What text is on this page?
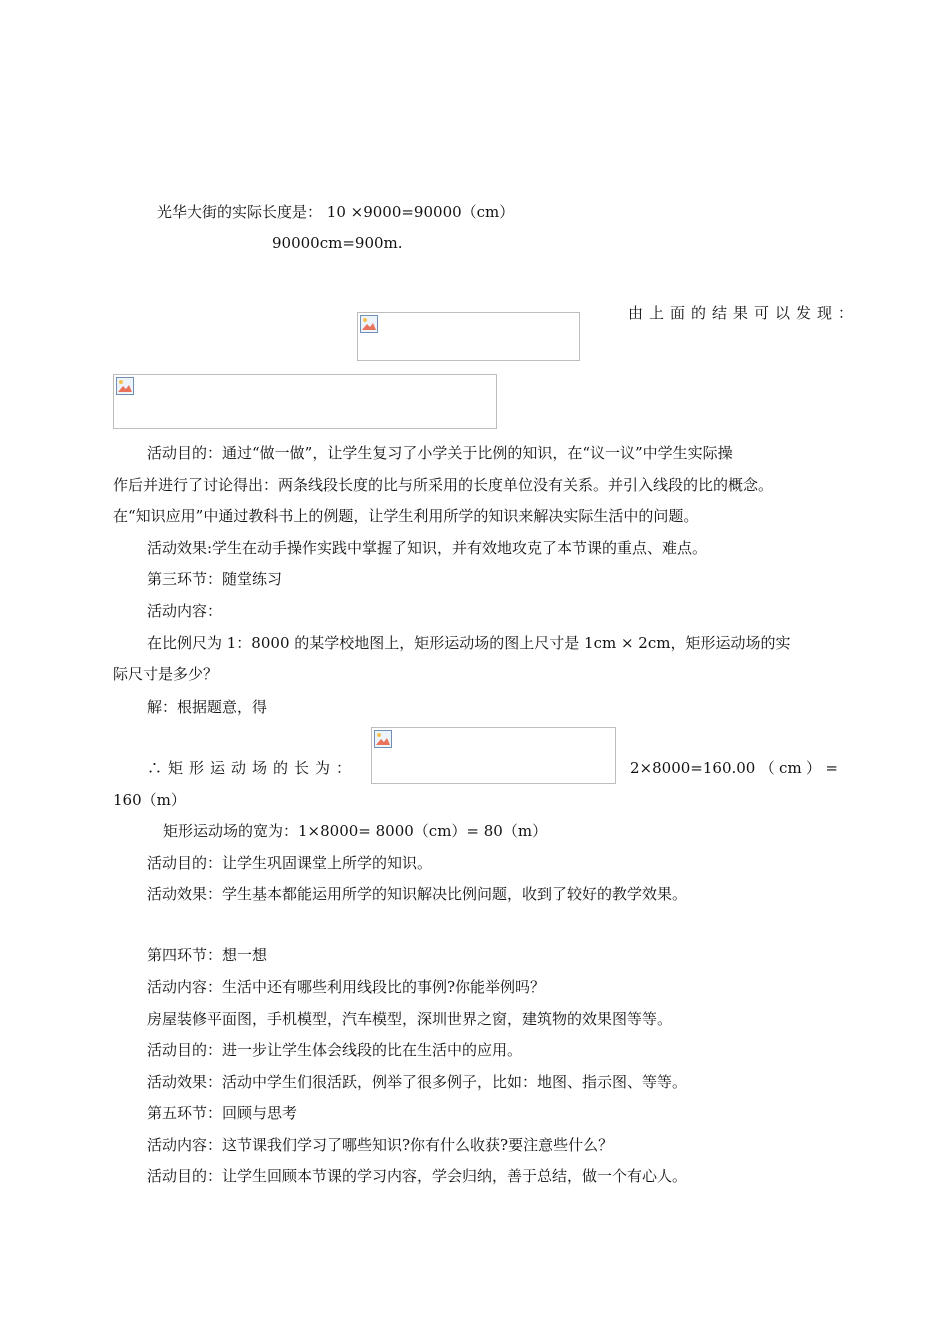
光华大街的实际长度是： 10 ×9000=90000（cm）
90000cm=900m.
由上面的结果可以发现：
活动目的：通过“做一做”，让学生复习了小学关于比例的知识，在“议一议”中学生实际操
作后并进行了讨论得出：两条线段长度的比与所采用的长度单位没有关系。并引入线段的比的概念。
在“知识应用”中通过教科书上的例题，让学生利用所学的知识来解决实际生活中的问题。
活动效果:学生在动手操作实践中掌握了知识，并有效地攻克了本节课的重点、难点。
第三环节：随堂练习
活动内容：
在比例尺为 1：8000 的某学校地图上，矩形运动场的图上尺寸是 1cm × 2cm，矩形运动场的实
际尺寸是多少？
解：根据题意，得
∴矩形运动场的长为：	2×8000=160.00 （ cm ） =
160（m）
矩形运动场的宽为：1×8000= 8000（cm）= 80（m）
活动目的：让学生巩固课堂上所学的知识。
活动效果：学生基本都能运用所学的知识解决比例问题，收到了较好的教学效果。
第四环节：想一想
活动内容：生活中还有哪些利用线段比的事例?你能举例吗？
房屋装修平面图，手机模型，汽车模型，深圳世界之窗，建筑物的效果图等等。
活动目的：进一步让学生体会线段的比在生活中的应用。
活动效果：活动中学生们很活跃，例举了很多例子，比如：地图、指示图、等等。
第五环节：回顾与思考
活动内容：这节课我们学习了哪些知识?你有什么收获?要注意些什么？
活动目的：让学生回顾本节课的学习内容，学会归纳，善于总结，做一个有心人。
